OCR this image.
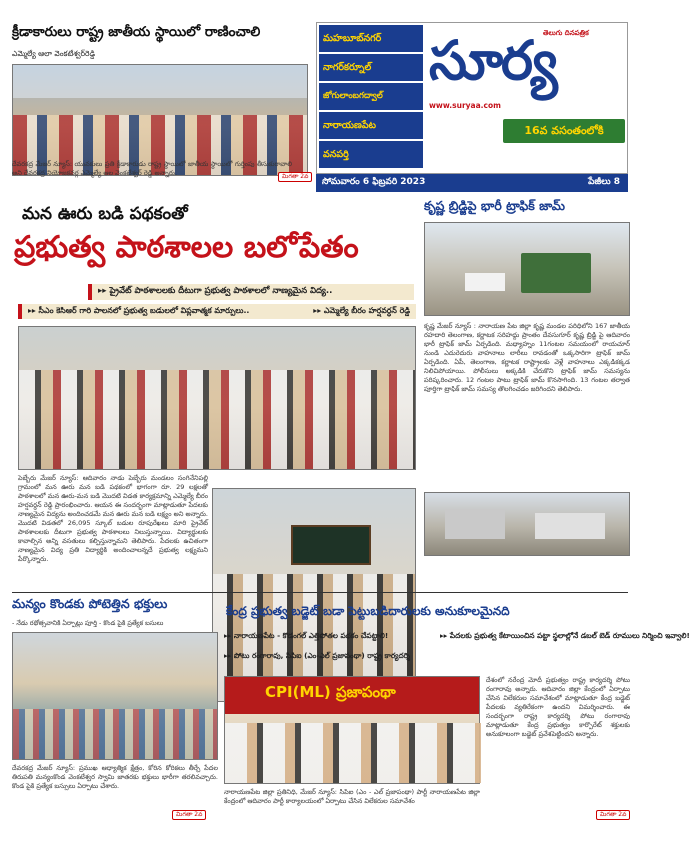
క్రీడాకారులు రాష్ట్ర జాతీయ స్థాయిలో రాణించాలి
ఎమ్మెల్యే ఆలా వెంకటేశ్వర్‌రెడ్డి
దేవరకద్ర మేజర్ న్యూస్: యువకులు ప్రతి క్రీడాకారుడు రాష్ట్ర స్థాయిలో జాతీయ స్థాయిలో గుర్తింపు తీసుకురావాలి అని దేవరకద్ర నియోజకవర్గ ఎమ్మెల్యే ఆల వెంకటేశ్వర్ రెడ్డి అన్నారు.	మిగతా 2వ
మహబూబ్‌నగర్
నాగర్‌కర్నూల్
జోగులాంబగద్వాల్
నారాయణపేట
వనపర్తి
సూర్య
తెలుగు దినపత్రిక
www.suryaa.com
16వ వసంతంలోకి
సోమవారం 6 ఫిబ్రవరి 2023	పేజీలు 8
మన ఊరు బడి పథకంతో
ప్రభుత్వ పాఠశాలల బలోపేతం
▸▸ ప్రైవేట్ పాఠశాలలకు దీటుగా ప్రభుత్వ పాఠశాలలో నాణ్యమైన విద్య..
▸▸ సీఎం కెసిఆర్ గారి పాలనలో ప్రభుత్వ బడులలో విప్లవాత్మక మార్పులు..	▸▸ ఎమ్మెల్యే బీరం హర్షవర్ధన్ రెడ్డి
పెబ్బేరు మేజర్ న్యూస్: ఆదివారం నాడు పెబ్బేరు మండలం సంగినేనిపల్లి గ్రామంలో మన ఊరు మన బడి పథకంలో భాగంగా రూ. 29 లక్షలతో పాఠశాలలో మన ఊరు-మన బడి మొదటి విడత కార్యక్రమాన్ని ఎమ్మెల్యే బీరం హర్షవర్ధన్ రెడ్డి ప్రారంభించారు. ఆయన ఈ సందర్భంగా మాట్లాడుతూ పేదలకు నాణ్యమైన విద్యను అందించడమే మన ఊరు మన బడి లక్ష్యం అని అన్నారు. మొదటి విడతలో 26,095 స్కూల్ బడుల రూపురేఖలు మారి ప్రైవేట్ పాఠశాలలకు దీటుగా ప్రభుత్వ పాఠశాలలు నిలుస్తున్నాయి. విద్యార్థులకు కావాల్సిన అన్ని వసతులు కల్పిస్తున్నామని తెలిపారు. పేదలకు ఉచితంగా నాణ్యమైన విద్య ప్రతి విద్యార్థికి అందించాలన్నదే ప్రభుత్వ లక్ష్యమని పేర్కొన్నారు.
కృష్ణ బ్రిడ్జిపై భారీ ట్రాఫిక్ జామ్
కృష్ణ మేజర్ న్యూస్ : నారాయణ పేట జిల్లా కృష్ణ మండల పరిధిలోని 167 జాతీయ రహదారి తెలంగాణ, కర్ణాటక సరిహద్దు ప్రాంతం దేవసుగూర్ కృష్ణ బ్రిడ్జి పై ఆదివారం భారీ ట్రాఫిక్ జామ్ ఏర్పడింది. మధ్యాహ్నం 11గంటల సమయంలో రాయచూర్ నుండి ఎదురెదురు వాహనాలు లారీలు రావడంతో ఒక్కసారిగా ట్రాఫిక్ జామ్ ఏర్పడింది. ఏపీ, తెలంగాణ, కర్ణాటక రాష్ట్రాలకు వెళ్లే వాహనాలు ఎక్కడికక్కడ నిలిచిపోయాయి. పోలీసులు అక్కడికి చేరుకొని ట్రాఫిక్ జామ్ సమస్యను పరిష్కరించారు. 12 గంటల పాటు ట్రాఫిక్ జామ్ కొనసాగింది. 13 గంటల తర్వాత పూర్తిగా ట్రాఫిక్ జామ్ సమస్య తొలగించడం జరిగిందని తెలిపారు.
మన్యం కొండకు పోటెత్తిన భక్తులు
- నేడు రథోత్సవానికి ఏర్పాట్లు పూర్తి - కొండ పైకి ప్రత్యేక బసులు
దేవరకద్ర మేజర్ న్యూస్: ప్రముఖ ఆధ్యాత్మిక క్షేత్రం, కోరిన కోరికలు తీర్చే పేదల తిరుపతి మన్యంకొండ వెంకటేశ్వర స్వామి జాతరకు భక్తులు భారీగా తరలివచ్చారు. కొండ పైకి ప్రత్యేక బస్సులు ఏర్పాటు చేశారు.
మిగతా 2వ
కేంద్ర ప్రభుత్వ బడ్జెట్ బడా పెట్టుబడిదారులకు అనుకూలమైనది
▸▸ నారాయణపేట - కొడంగల్ ఎత్తిపోతల పథకం చేపట్టాలి!	▸▸ పేదలకు ప్రభుత్వ కేటాయించిన పట్టా స్థలాల్లోనే డబల్ బెడ్ రూములు నిర్మించి ఇవ్వాలి!
▸▸ పోటు రంగారావు, సిపిఐ (ఎం-ఎల్ ప్రజాపంథా) రాష్ట్ర కార్యదర్శి
CPI(ML) ప్రజాపంథా
దేశంలో నరేంద్ర మోదీ ప్రభుత్వం రాష్ట్ర కార్యదర్శి పోటు రంగారావు అన్నారు. ఆదివారం జిల్లా కేంద్రంలో ఏర్పాటు చేసిన విలేకరుల సమావేశంలో మాట్లాడుతూ కేంద్ర బడ్జెట్ పేదలకు వ్యతిరేకంగా ఉందని విమర్శించారు. ఈ సందర్భంగా రాష్ట్ర కార్యదర్శి పోటు రంగారావు మాట్లాడుతూ కేంద్ర ప్రభుత్వం కార్పొరేట్ శక్తులకు అనుకూలంగా బడ్జెట్ ప్రవేశపెట్టిందని అన్నారు.
మిగతా 2వ
నారాయణపేట జిల్లా ప్రతినిధి, మేజర్ న్యూస్: సిపిఐ (ఎం - ఎల్ ప్రజాపంథా) పార్టీ నారాయణపేట జిల్లా కేంద్రంలో ఆదివారం పార్టీ కార్యాలయంలో ఏర్పాటు చేసిన విలేకరుల సమావేశం
